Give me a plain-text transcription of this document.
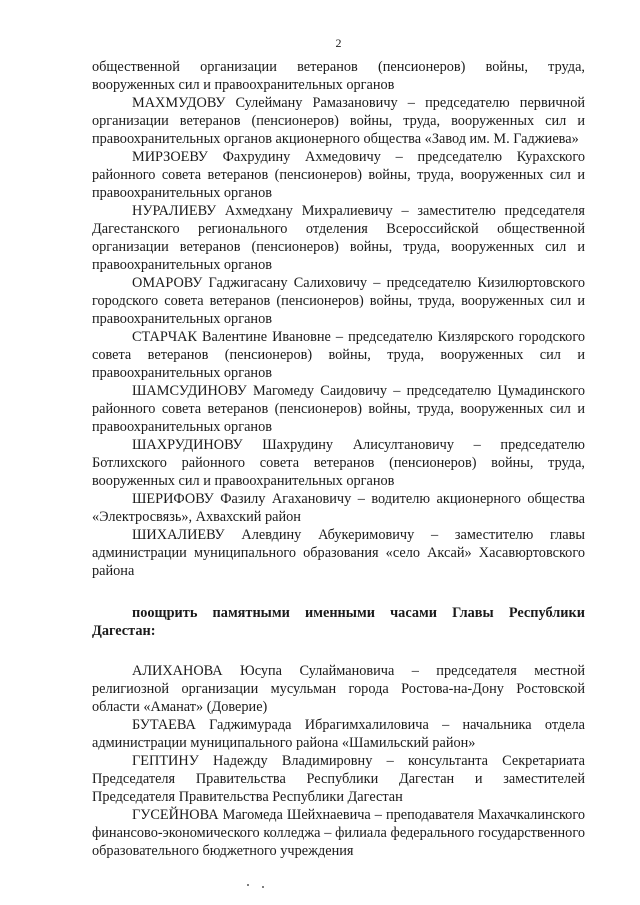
2

общественной организации ветеранов (пенсионеров) войны, труда, вооруженных сил и правоохранительных органов

МАХМУДОВУ Сулейману Рамазановичу – председателю первичной организации ветеранов (пенсионеров) войны, труда, вооруженных сил и правоохранительных органов акционерного общества «Завод им. М. Гаджиева»

МИРЗОЕВУ Фахрудину Ахмедовичу – председателю Курахского районного совета ветеранов (пенсионеров) войны, труда, вооруженных сил и правоохранительных органов

НУРАЛИЕВУ Ахмедхану Михралиевичу – заместителю председателя Дагестанского регионального отделения Всероссийской общественной организации ветеранов (пенсионеров) войны, труда, вооруженных сил и правоохранительных органов

ОМАРОВУ Гаджигасану Салиховичу – председателю Кизилюртовского городского совета ветеранов (пенсионеров) войны, труда, вооруженных сил и правоохранительных органов

СТАРЧАК Валентине Ивановне – председателю Кизлярского городского совета ветеранов (пенсионеров) войны, труда, вооруженных сил и правоохранительных органов

ШАМСУДИНОВУ Магомеду Саидовичу – председателю Цумадинского районного совета ветеранов (пенсионеров) войны, труда, вооруженных сил и правоохранительных органов

ШАХРУДИНОВУ Шахрудину Алисултановичу – председателю Ботлихского районного совета ветеранов (пенсионеров) войны, труда, вооруженных сил и правоохранительных органов

ШЕРИФОВУ Фазилу Агахановичу – водителю акционерного общества «Электросвязь», Ахвахский район

ШИХАЛИЕВУ Алевдину Абукеримовичу – заместителю главы администрации муниципального образования «село Аксай» Хасавюртовского района

поощрить памятными именными часами Главы Республики Дагестан:

АЛИХАНОВА Юсупа Сулаймановича – председателя местной религиозной организации мусульман города Ростова-на-Дону Ростовской области «Аманат» (Доверие)

БУТАЕВА Гаджимурада Ибрагимхалиловича – начальника отдела администрации муниципального района «Шамильский район»

ГЕПТИНУ Надежду Владимировну – консультанта Секретариата Председателя Правительства Республики Дагестан и заместителей Председателя Правительства Республики Дагестан

ГУСЕЙНОВА Магомеда Шейхнаевича – преподавателя Махачкалинского финансово-экономического колледжа – филиала федерального государственного образовательного бюджетного учреждения
